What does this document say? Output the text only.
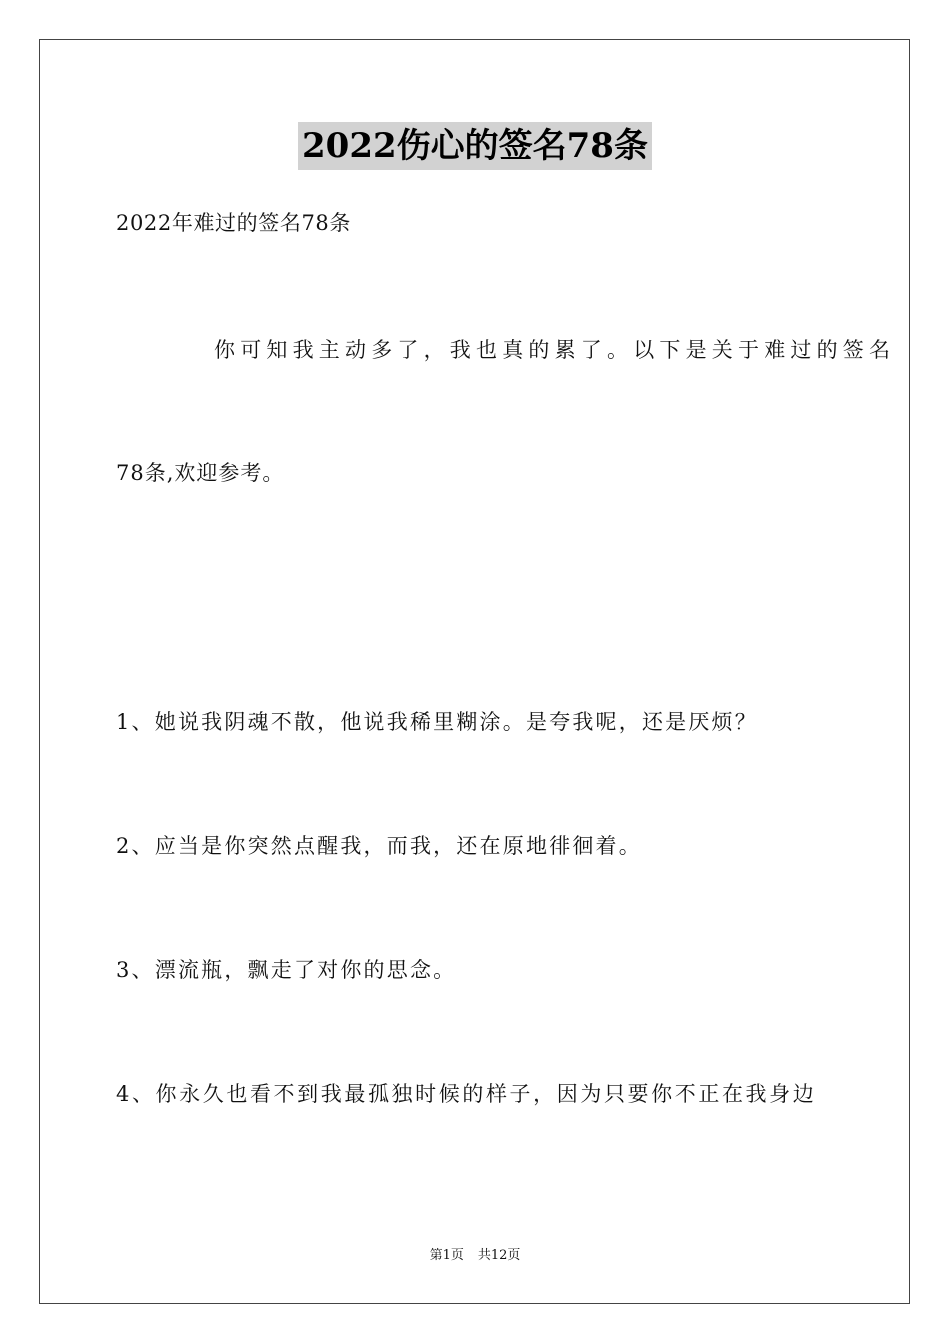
2022伤心的签名78条
2022年难过的签名78条
你可知我主动多了，我也真的累了。以下是关于难过的签名
78条,欢迎参考。
1、她说我阴魂不散，他说我稀里糊涂。是夸我呢，还是厌烦？
2、应当是你突然点醒我，而我，还在原地徘徊着。
3、漂流瓶，飘走了对你的思念。
4、你永久也看不到我最孤独时候的样子，因为只要你不正在我身边
第1页 共12页
